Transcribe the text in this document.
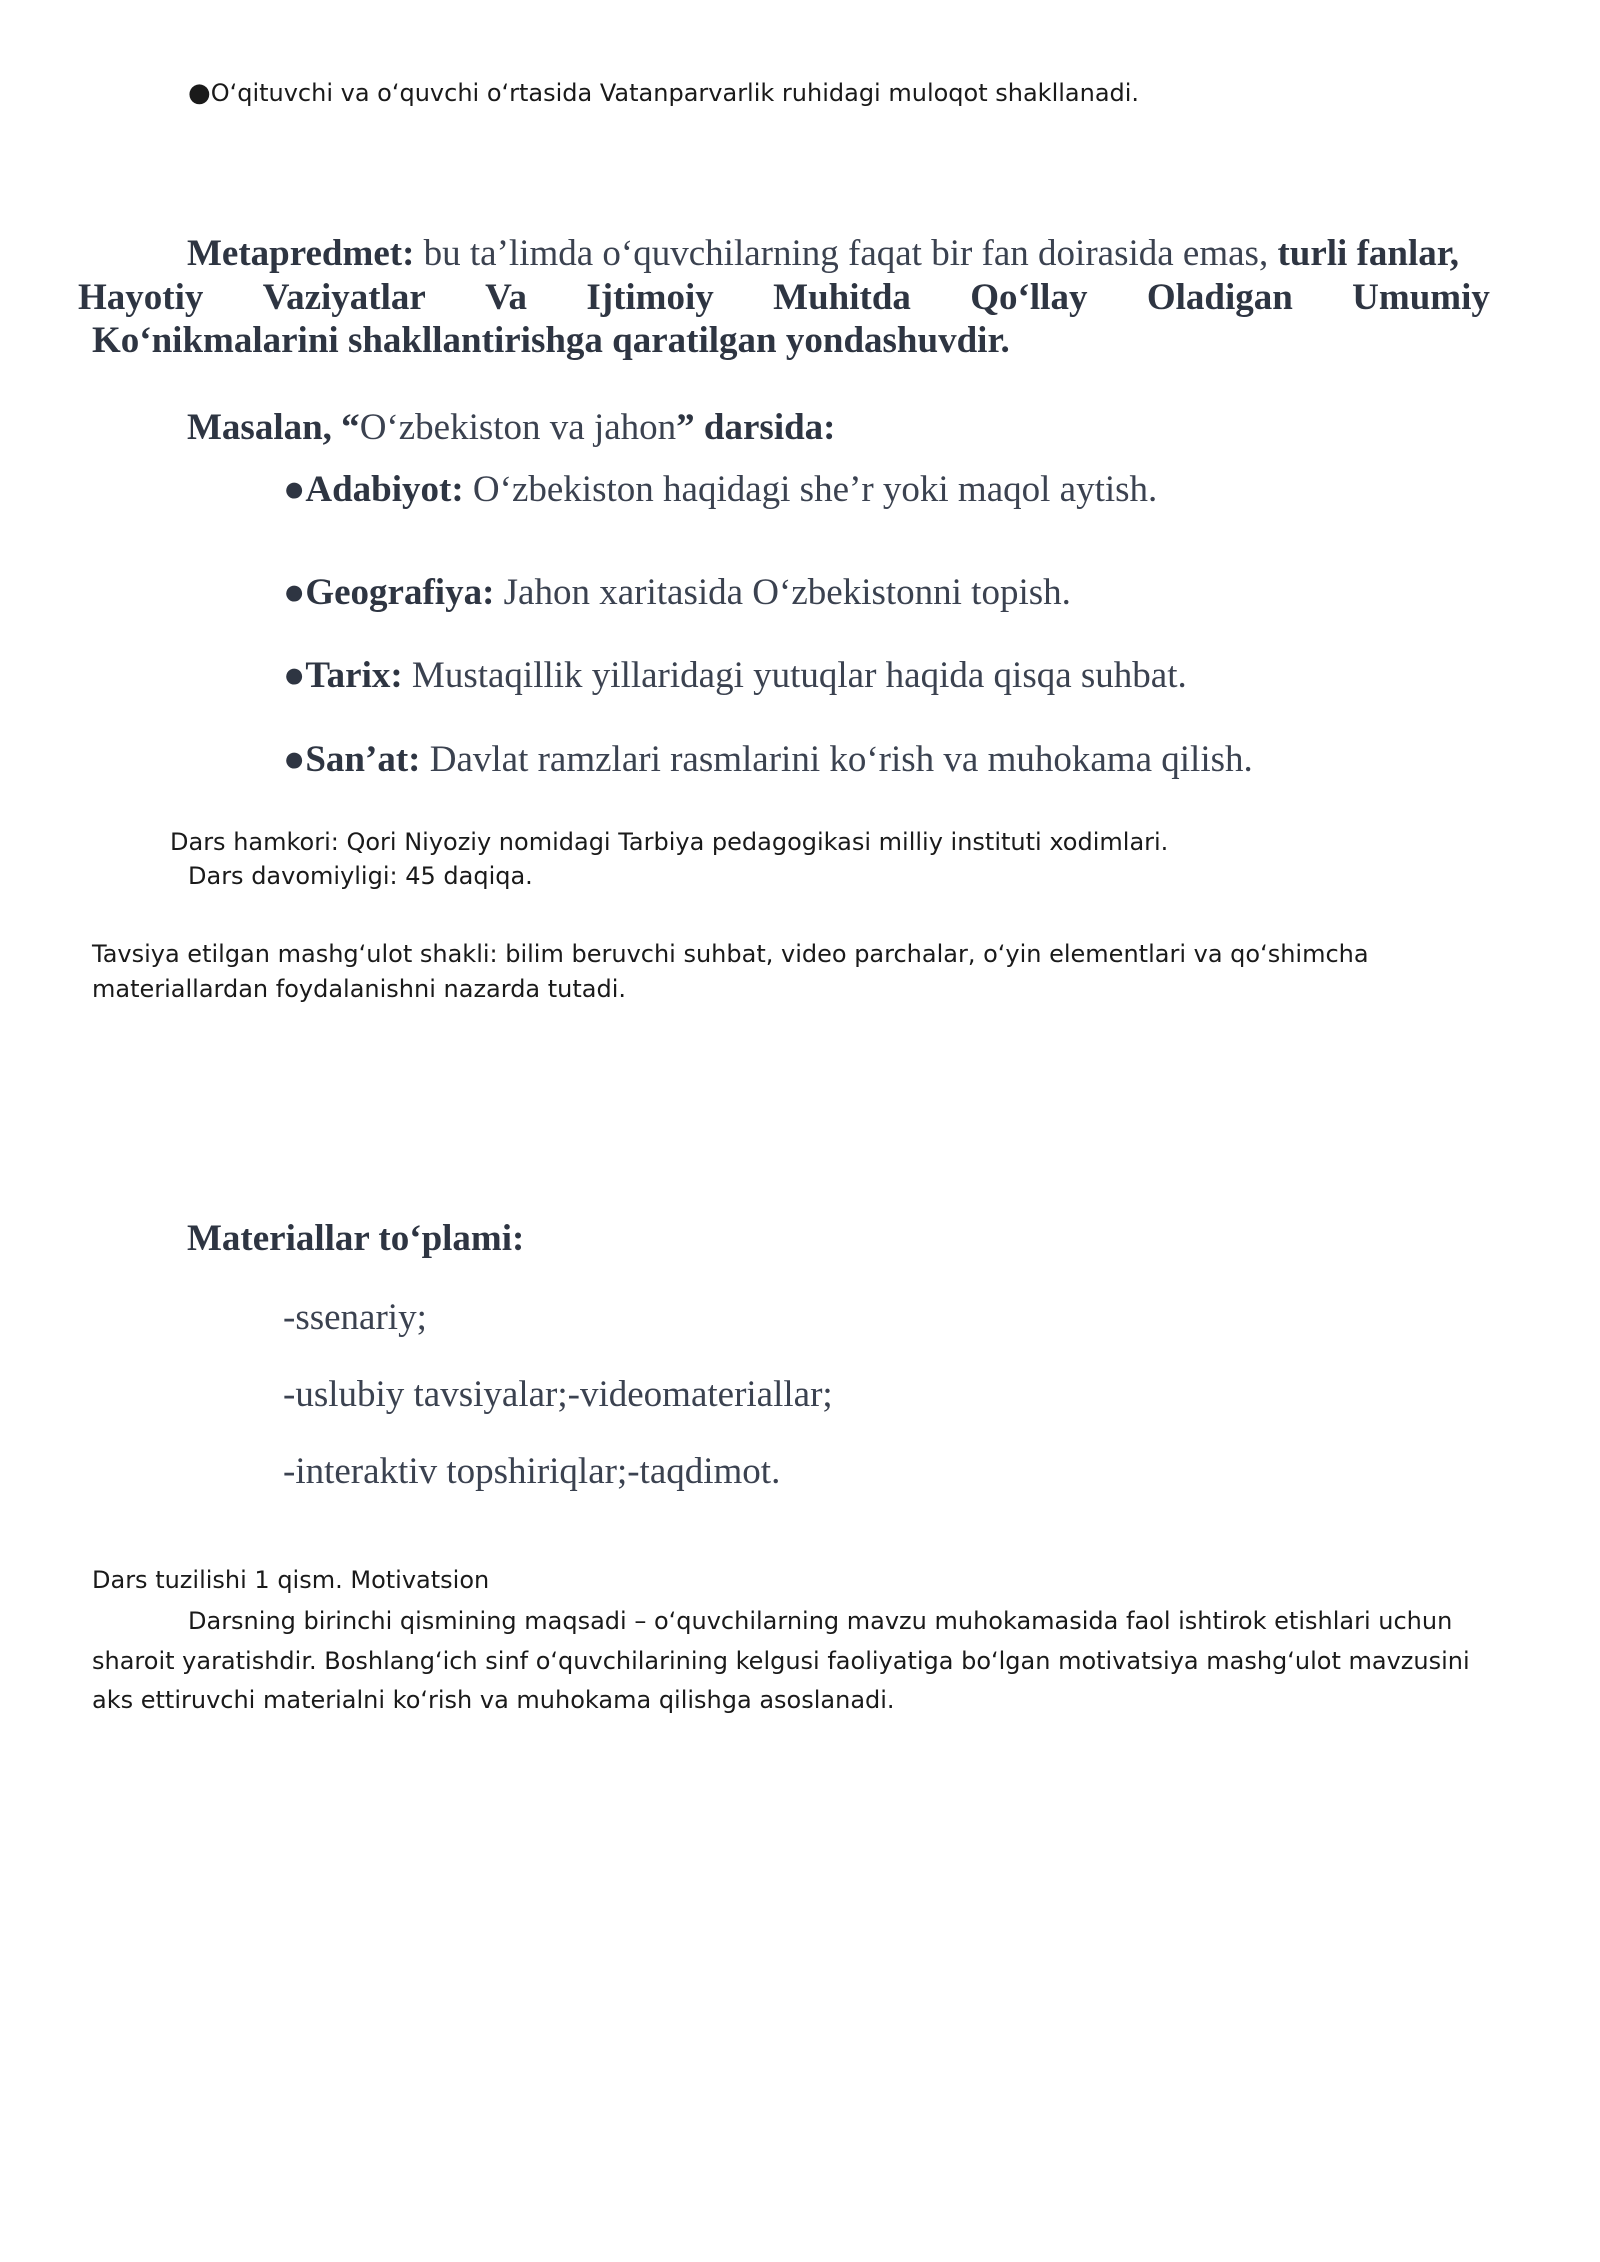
●O‘qituvchi va o‘quvchi o‘rtasida Vatanparvarlik ruhidagi muloqot shakllanadi.
Metapredmet: bu ta’limda o‘quvchilarning faqat bir fan doirasida emas, turli fanlar,
Hayotiy Vaziyatlar Va Ijtimoiy Muhitda Qo‘llay Oladigan Umumiy
Ko‘nikmalarini shakllantirishga qaratilgan yondashuvdir.
Masalan, “O‘zbekiston va jahon” darsida:
●Adabiyot: O‘zbekiston haqidagi she’r yoki maqol aytish.
●Geografiya: Jahon xaritasida O‘zbekistonni topish.
●Tarix: Mustaqillik yillaridagi yutuqlar haqida qisqa suhbat.
●San’at: Davlat ramzlari rasmlarini ko‘rish va muhokama qilish.
Dars hamkori: Qori Niyoziy nomidagi Tarbiya pedagogikasi milliy instituti xodimlari.
Dars davomiyligi: 45 daqiqa.
Tavsiya etilgan mashg‘ulot shakli: bilim beruvchi suhbat, video parchalar, o‘yin elementlari va qo‘shimcha
materiallardan foydalanishni nazarda tutadi.
Materiallar to‘plami:
-ssenariy;
-uslubiy tavsiyalar;-videomateriallar;
-interaktiv topshiriqlar;-taqdimot.
Dars tuzilishi 1 qism. Motivatsion
Darsning birinchi qismining maqsadi – o‘quvchilarning mavzu muhokamasida faol ishtirok etishlari uchun
sharoit yaratishdir. Boshlang‘ich sinf o‘quvchilarining kelgusi faoliyatiga bo‘lgan motivatsiya mashg‘ulot mavzusini
aks ettiruvchi materialni ko‘rish va muhokama qilishga asoslanadi.
